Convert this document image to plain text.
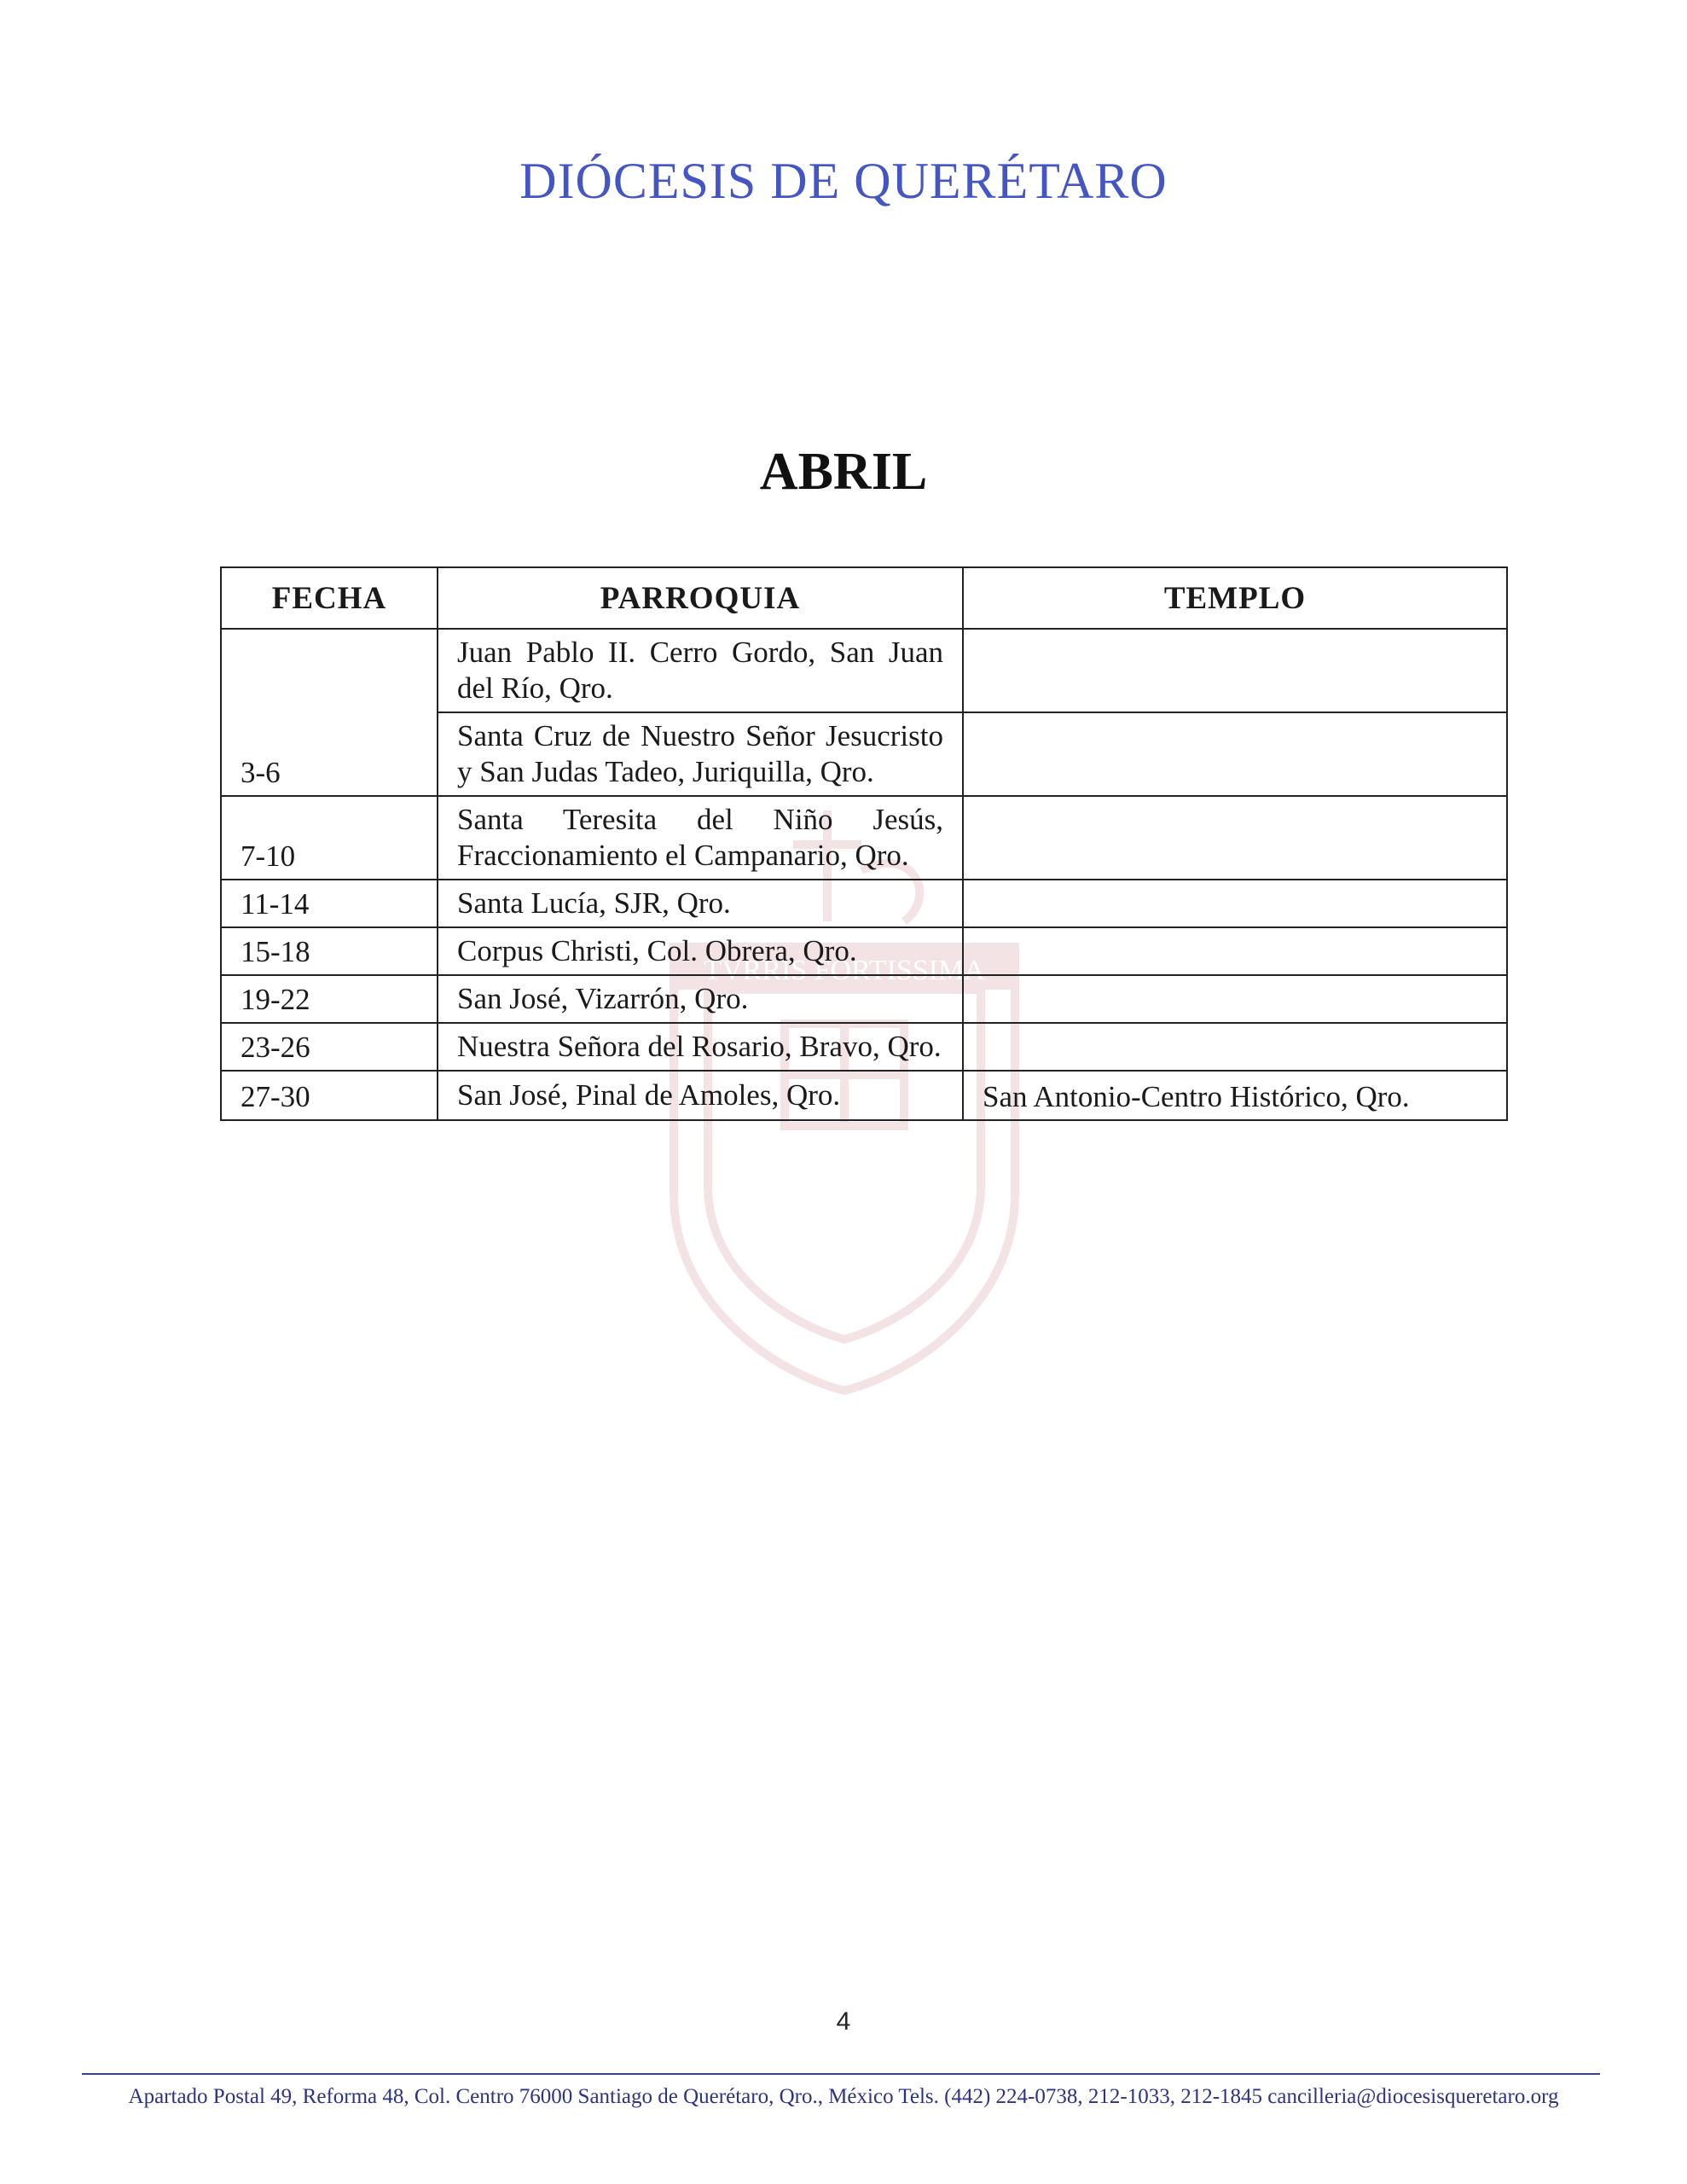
TVRRIS FORTISSIMA
DIÓCESIS DE QUERÉTARO
ABRIL
FECHA	PARROQUIA	TEMPLO
3-6	Juan Pablo II. Cerro Gordo, San Juan del Río, Qro.	
	Santa Cruz de Nuestro Señor Jesucristo y San Judas Tadeo, Juriquilla, Qro.	
7-10	Santa Teresita del Niño Jesús, Fraccionamiento el Campanario, Qro.	
11-14	Santa Lucía, SJR, Qro.	
15-18	Corpus Christi, Col. Obrera, Qro.	
19-22	San José, Vizarrón, Qro.	
23-26	Nuestra Señora del Rosario, Bravo, Qro.	
27-30	San José, Pinal de Amoles, Qro.	San Antonio-Centro Histórico, Qro.
4
Apartado Postal 49, Reforma 48, Col. Centro 76000 Santiago de Querétaro, Qro., México Tels. (442) 224-0738, 212-1033, 212-1845 cancilleria@diocesisqueretaro.org
